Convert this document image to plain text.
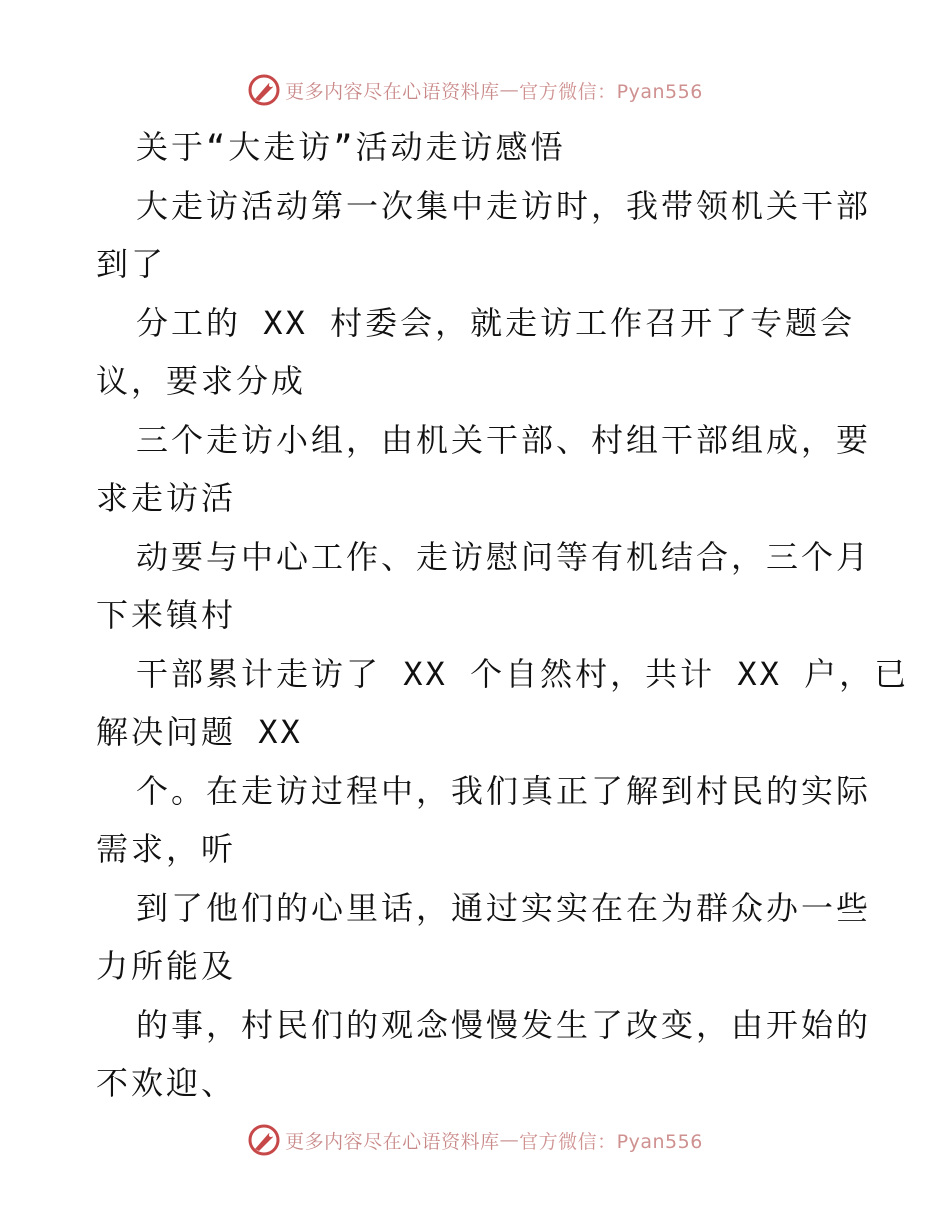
更多内容尽在心语资料库 — 官方微信：Pyan556
关于“大走访”活动走访感悟
大走访活动第一次集中走访时，我带领机关干部
到了
分工的 XX 村委会，就走访工作召开了专题会
议，要求分成
三个走访小组，由机关干部、村组干部组成，要
求走访活
动要与中心工作、走访慰问等有机结合，三个月
下来镇村
干部累计走访了 XX 个自然村，共计 XX 户，已
解决问题 XX
个。在走访过程中，我们真正了解到村民的实际
需求，听
到了他们的心里话，通过实实在在为群众办一些
力所能及
的事，村民们的观念慢慢发生了改变，由开始的
不欢迎、
更多内容尽在心语资料库 — 官方微信：Pyan556
